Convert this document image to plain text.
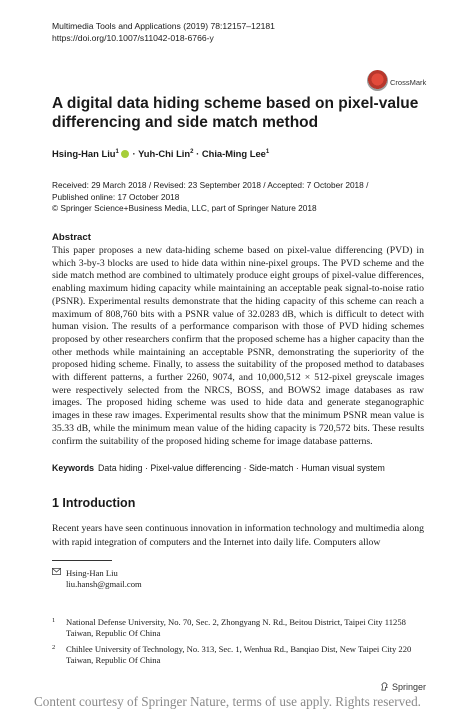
Multimedia Tools and Applications (2019) 78:12157–12181
https://doi.org/10.1007/s11042-018-6766-y
CrossMark
A digital data hiding scheme based on pixel-value differencing and side match method
Hsing-Han Liu$^1$ · Yuh-Chi Lin$^2$ · Chia-Ming Lee$^1$
Received: 29 March 2018 / Revised: 23 September 2018 / Accepted: 7 October 2018 /
Published online: 17 October 2018
© Springer Science+Business Media, LLC, part of Springer Nature 2018
Abstract
This paper proposes a new data-hiding scheme based on pixel-value differencing (PVD) in which 3-by-3 blocks are used to hide data within nine-pixel groups. The PVD scheme and the side match method are combined to ultimately produce eight groups of pixel-value differences, enabling maximum hiding capacity while maintaining an acceptable peak signal-to-noise ratio (PSNR). Experimental results demonstrate that the hiding capacity of this scheme can reach a maximum of 808,760 bits with a PSNR value of 32.0283 dB, which is difficult to detect with human vision. The results of a performance comparison with those of PVD hiding schemes proposed by other researchers confirm that the proposed scheme has a higher capacity than the other methods while maintaining an acceptable PSNR, demonstrating the superiority of the proposed hiding scheme. Finally, to assess the suitability of the proposed method to databases with different patterns, a further 2260, 9074, and 10,000,512 × 512-pixel greyscale images were respectively selected from the NRCS, BOSS, and BOWS2 image databases as raw images. The proposed hiding scheme was used to hide data and generate steganographic images in these raw images. Experimental results show that the minimum PSNR mean value is 35.33 dB, while the minimum mean value of the hiding capacity is 720,572 bits. These results confirm the suitability of the proposed hiding scheme for image database patterns.
Keywords Data hiding · Pixel-value differencing · Side-match · Human visual system
1 Introduction
Recent years have seen continuous innovation in information technology and multimedia along with rapid integration of computers and the Internet into daily life. Computers allow
Hsing-Han Liu
liu.hansh@gmail.com
1	National Defense University, No. 70, Sec. 2, Zhongyang N. Rd., Beitou District, Taipei City 11258 Taiwan, Republic Of China
2	Chihlee University of Technology, No. 313, Sec. 1, Wenhua Rd., Banqiao Dist, New Taipei City 220 Taiwan, Republic Of China
Springer
Content courtesy of Springer Nature, terms of use apply. Rights reserved.
